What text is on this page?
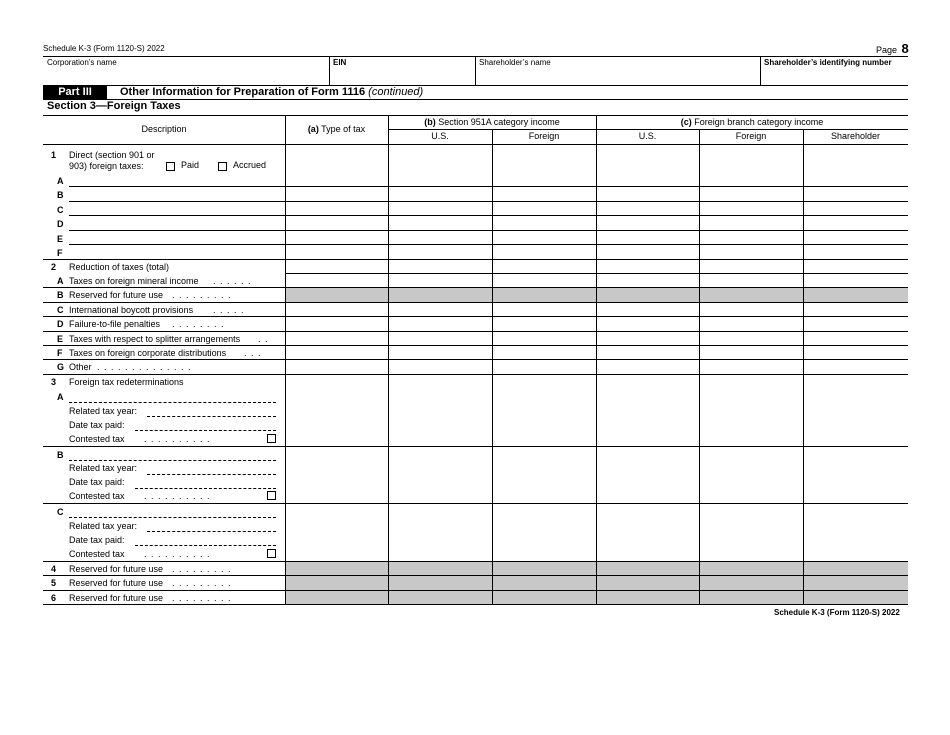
Schedule K-3 (Form 1120-S) 2022	Page 8
Corporation’s name	EIN	Shareholder’s name	Shareholder’s identifying number
Part III	Other Information for Preparation of Form 1116 (continued)
Section 3—Foreign Taxes
Description	(a) Type of tax
(b) Section 951A category income	(c) Foreign branch category income
U.S.	Foreign	U.S.	Foreign	Shareholder
1 Direct (section 901 or
903) foreign taxes:	Paid	Accrued
A
B
C
D
E
F
2 Reduction of taxes (total)
A Taxes on foreign mineral income . . . . . .
B Reserved for future use . . . . . . . . .
C International boycott provisions . . . . .
D Failure-to-file penalties . . . . . . . .
E Taxes with respect to splitter arrangements . .
F Taxes on foreign corporate distributions . . .
G Other . . . . . . . . . . . . . .
3 Foreign tax redeterminations
A
Related tax year:
Date tax paid:
Contested tax . . . . . . . . . .
B
Related tax year:
Date tax paid:
Contested tax . . . . . . . . . .
C
Related tax year:
Date tax paid:
Contested tax . . . . . . . . . .
4 Reserved for future use . . . . . . . . .
5 Reserved for future use . . . . . . . . .
6 Reserved for future use . . . . . . . . .
Schedule K-3 (Form 1120-S) 2022
